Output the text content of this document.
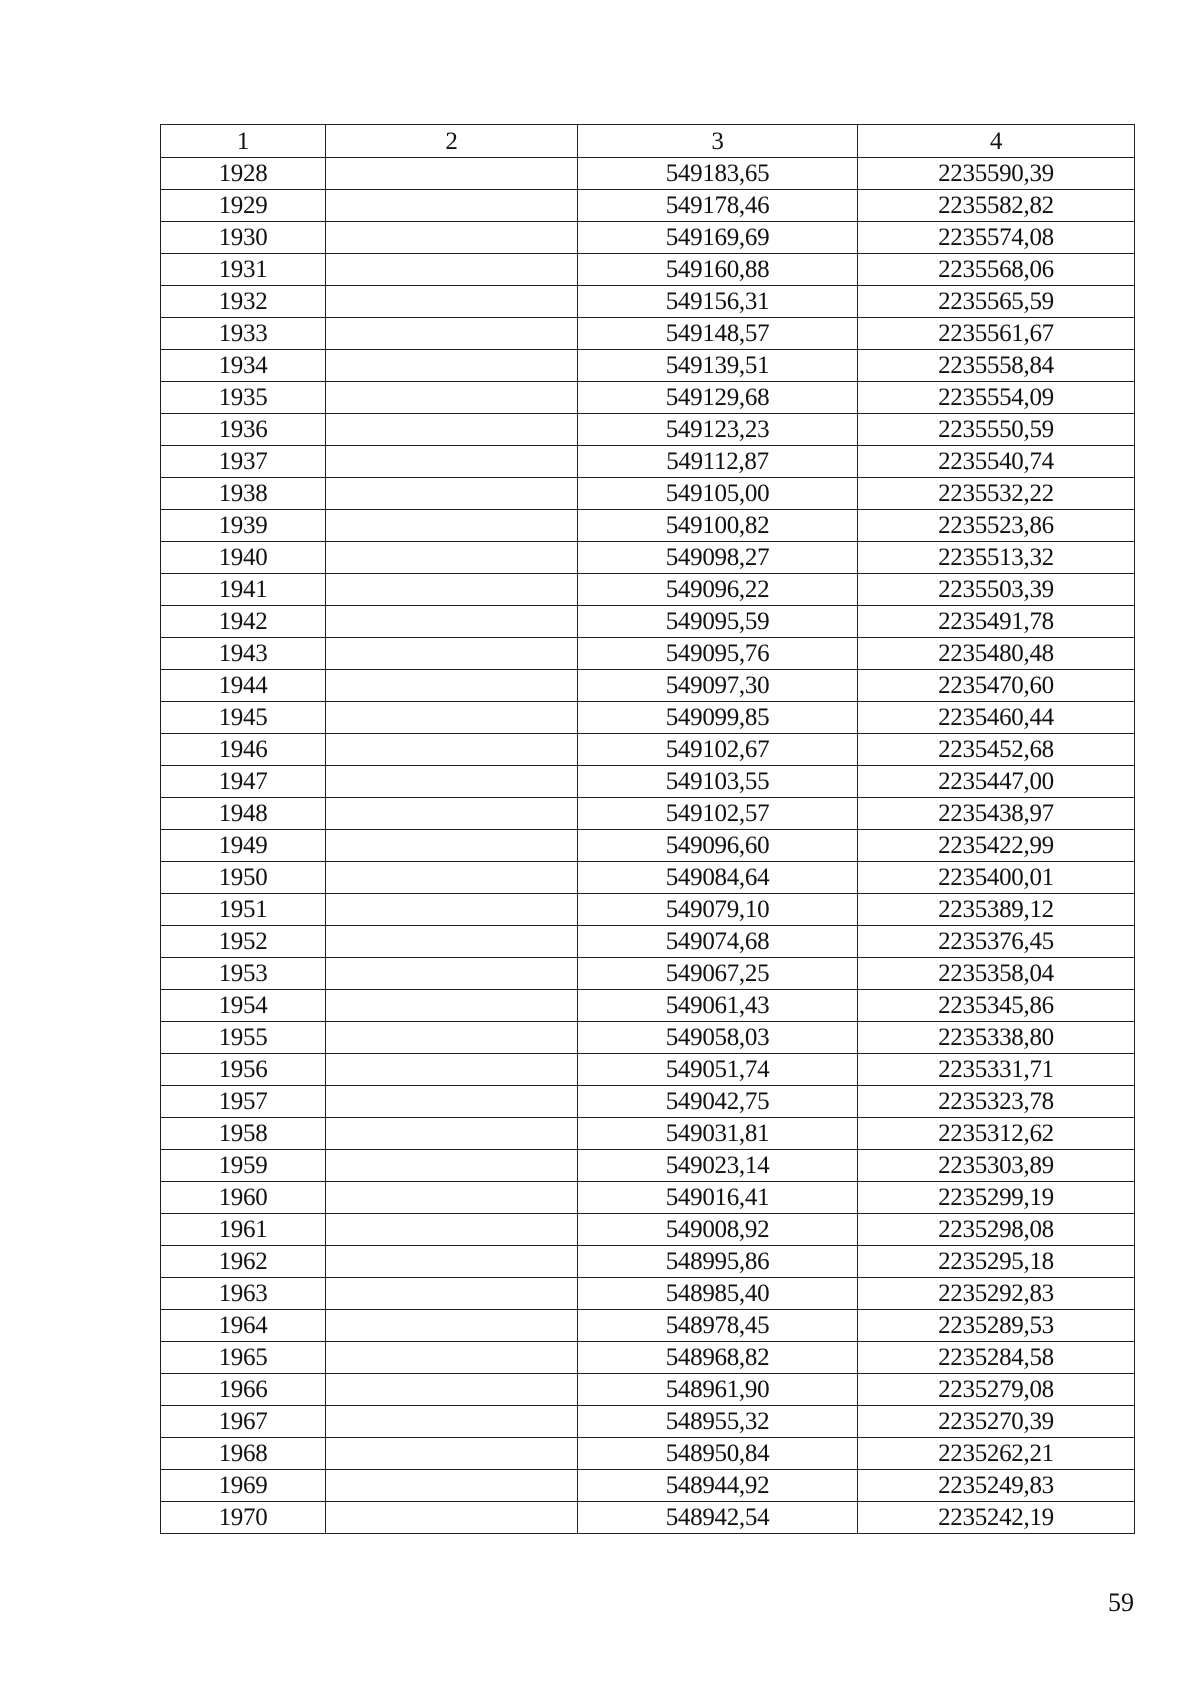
1	2	3	4
1928		549183,65	2235590,39
1929		549178,46	2235582,82
1930		549169,69	2235574,08
1931		549160,88	2235568,06
1932		549156,31	2235565,59
1933		549148,57	2235561,67
1934		549139,51	2235558,84
1935		549129,68	2235554,09
1936		549123,23	2235550,59
1937		549112,87	2235540,74
1938		549105,00	2235532,22
1939		549100,82	2235523,86
1940		549098,27	2235513,32
1941		549096,22	2235503,39
1942		549095,59	2235491,78
1943		549095,76	2235480,48
1944		549097,30	2235470,60
1945		549099,85	2235460,44
1946		549102,67	2235452,68
1947		549103,55	2235447,00
1948		549102,57	2235438,97
1949		549096,60	2235422,99
1950		549084,64	2235400,01
1951		549079,10	2235389,12
1952		549074,68	2235376,45
1953		549067,25	2235358,04
1954		549061,43	2235345,86
1955		549058,03	2235338,80
1956		549051,74	2235331,71
1957		549042,75	2235323,78
1958		549031,81	2235312,62
1959		549023,14	2235303,89
1960		549016,41	2235299,19
1961		549008,92	2235298,08
1962		548995,86	2235295,18
1963		548985,40	2235292,83
1964		548978,45	2235289,53
1965		548968,82	2235284,58
1966		548961,90	2235279,08
1967		548955,32	2235270,39
1968		548950,84	2235262,21
1969		548944,92	2235249,83
1970		548942,54	2235242,19
59
